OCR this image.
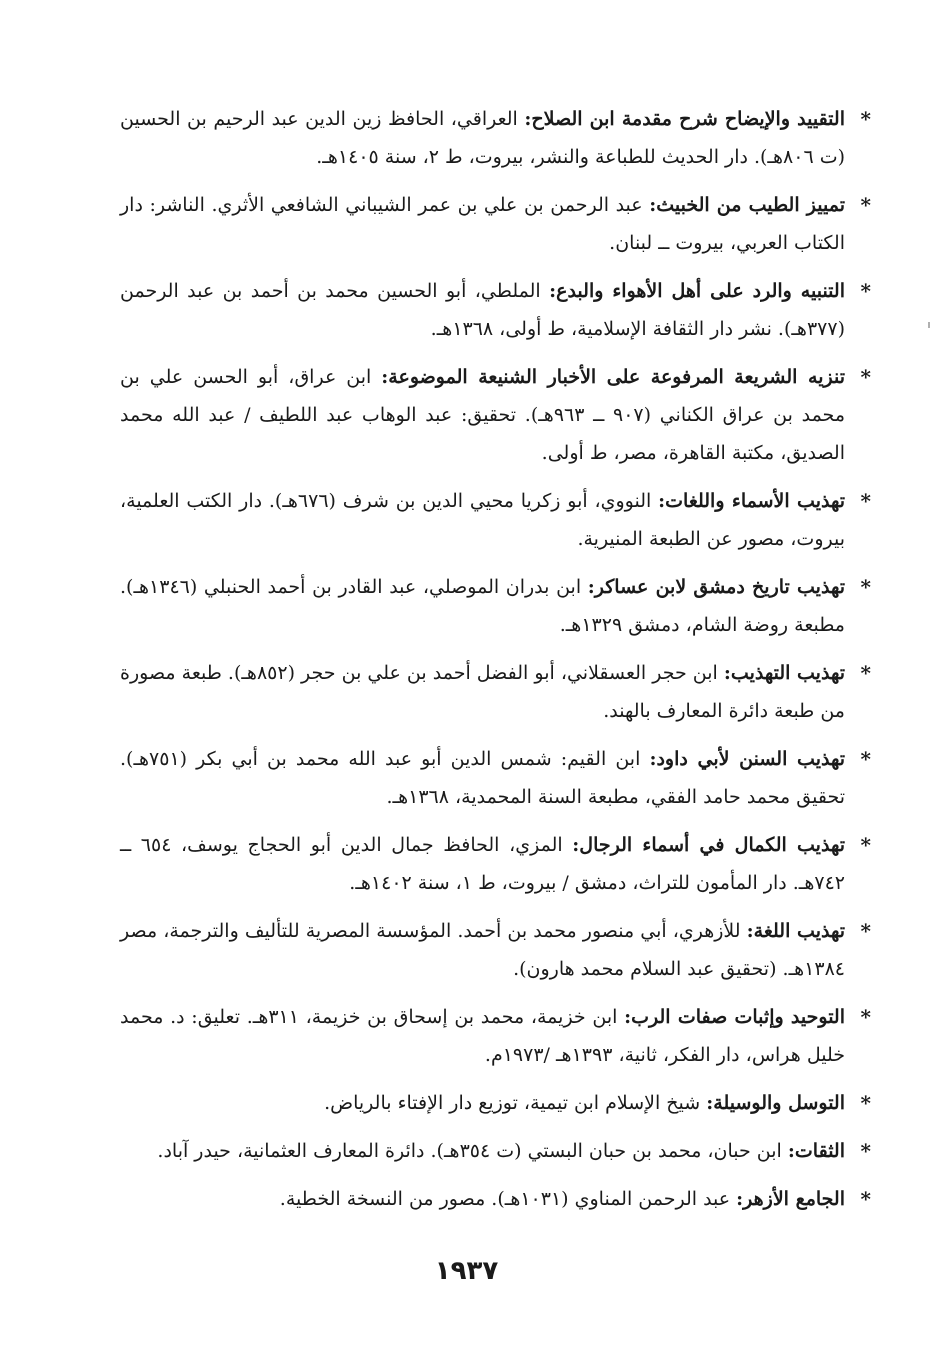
*
التقييد والإيضاح شرح مقدمة ابن الصلاح: العراقي، الحافظ زين الدين عبد الرحيم بن الحسين (ت ٨٠٦هـ). دار الحديث للطباعة والنشر، بيروت، ط ٢، سنة ١٤٠٥هـ.
*
تمييز الطيب من الخبيث: عبد الرحمن بن علي بن عمر الشيباني الشافعي الأثري. الناشر: دار الكتاب العربي، بيروت ــ لبنان.
*
التنبيه والرد على أهل الأهواء والبدع: الملطي، أبو الحسين محمد بن أحمد بن عبد الرحمن (٣٧٧هـ). نشر دار الثقافة الإسلامية، ط أولى، ١٣٦٨هـ.
*
تنزيه الشريعة المرفوعة على الأخبار الشنيعة الموضوعة: ابن عراق، أبو الحسن علي بن محمد بن عراق الكناني (٩٠٧ ــ ٩٦٣هـ). تحقيق: عبد الوهاب عبد اللطيف / عبد الله محمد الصديق، مكتبة القاهرة، مصر، ط أولى.
*
تهذيب الأسماء واللغات: النووي، أبو زكريا محيي الدين بن شرف (٦٧٦هـ). دار الكتب العلمية، بيروت، مصور عن الطبعة المنيرية.
*
تهذيب تاريخ دمشق لابن عساكر: ابن بدران الموصلي، عبد القادر بن أحمد الحنبلي (١٣٤٦هـ). مطبعة روضة الشام، دمشق ١٣٢٩هـ.
*
تهذيب التهذيب: ابن حجر العسقلاني، أبو الفضل أحمد بن علي بن حجر (٨٥٢هـ). طبعة مصورة من طبعة دائرة المعارف بالهند.
*
تهذيب السنن لأبي داود: ابن القيم: شمس الدين أبو عبد الله محمد بن أبي بكر (٧٥١هـ). تحقيق محمد حامد الفقي، مطبعة السنة المحمدية، ١٣٦٨هـ.
*
تهذيب الكمال في أسماء الرجال: المزي، الحافظ جمال الدين أبو الحجاج يوسف، ٦٥٤ ــ ٧٤٢هـ. دار المأمون للتراث، دمشق / بيروت، ط ١، سنة ١٤٠٢هـ.
*
تهذيب اللغة: للأزهري، أبي منصور محمد بن أحمد. المؤسسة المصرية للتأليف والترجمة، مصر ١٣٨٤هـ. (تحقيق عبد السلام محمد هارون).
*
التوحيد وإثبات صفات الرب: ابن خزيمة، محمد بن إسحاق بن خزيمة، ٣١١هـ. تعليق: د. محمد خليل هراس، دار الفكر، ثانية، ١٣٩٣هـ /١٩٧٣م.
*
التوسل والوسيلة: شيخ الإسلام ابن تيمية، توزيع دار الإفتاء بالرياض.
*
الثقات: ابن حبان، محمد بن حبان البستي (ت ٣٥٤هـ). دائرة المعارف العثمانية، حيدر آباد.
*
الجامع الأزهر: عبد الرحمن المناوي (١٠٣١هـ). مصور من النسخة الخطية.
١٩٣٧
